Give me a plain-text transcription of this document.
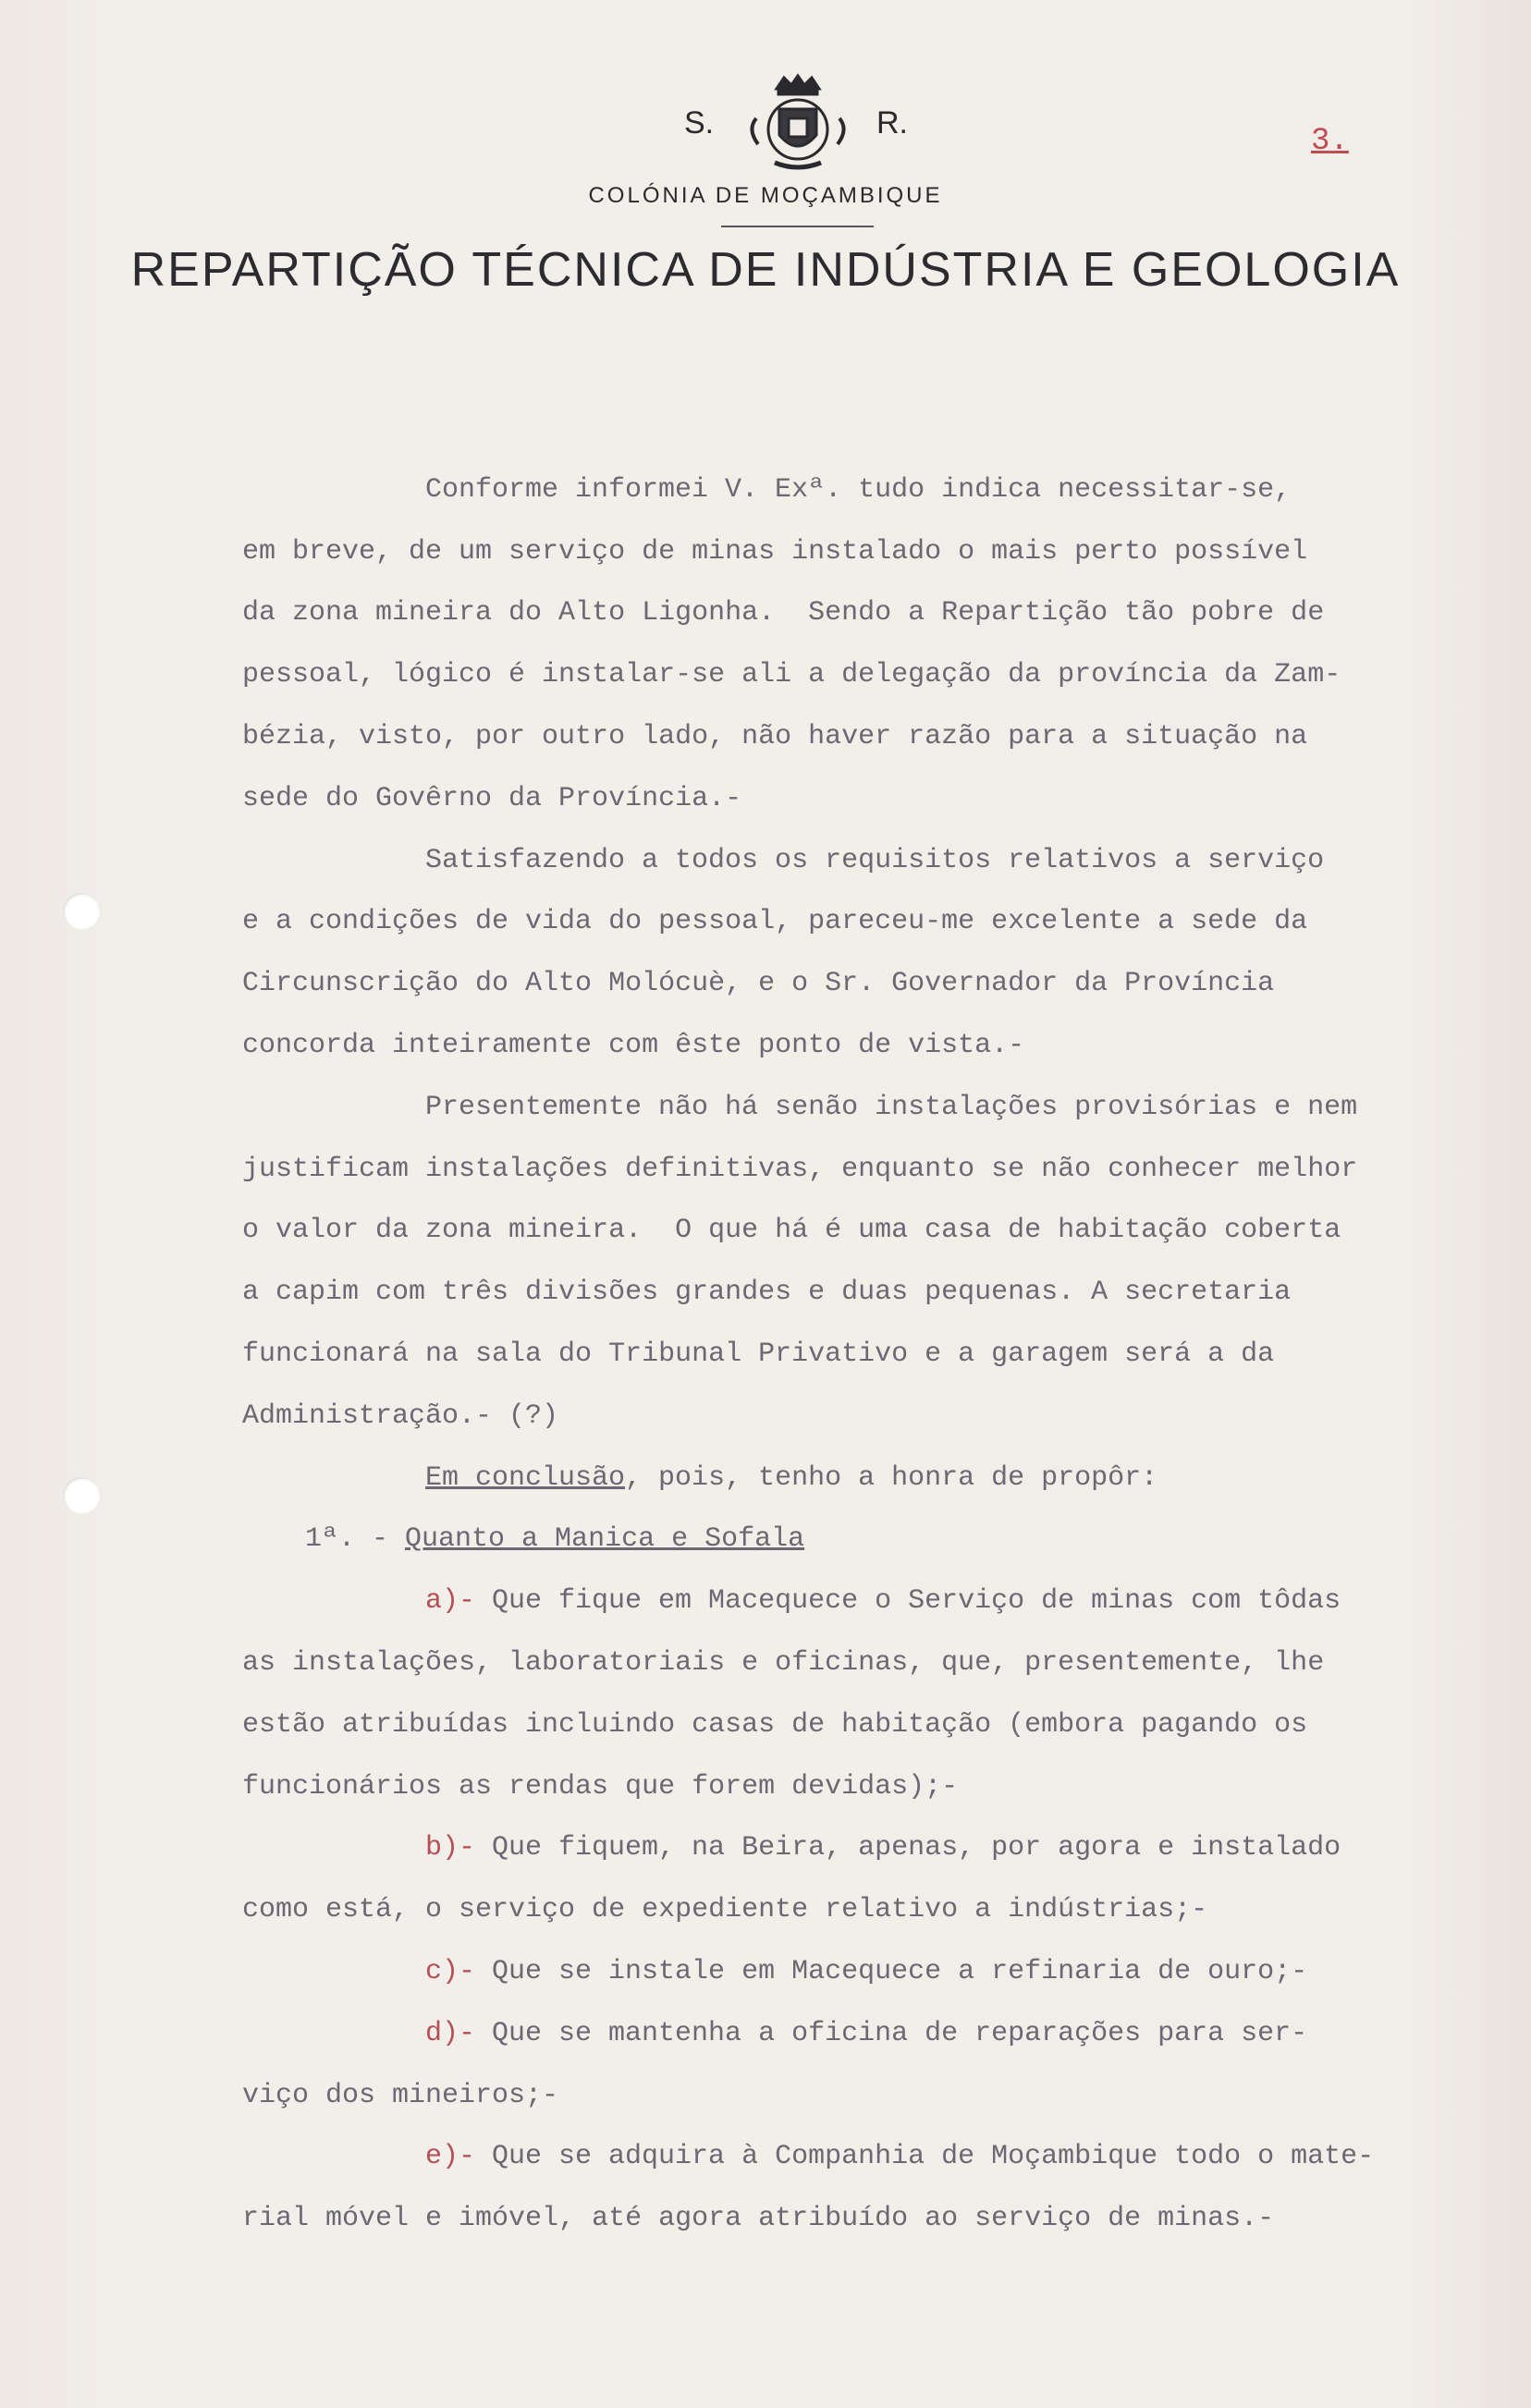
S.	R.
3.
COLÓNIA DE MOÇAMBIQUE
REPARTIÇÃO TÉCNICA DE INDÚSTRIA E GEOLOGIA

Conforme informei V. Exª. tudo indica necessitar-se,
em breve, de um serviço de minas instalado o mais perto possível
da zona mineira do Alto Ligonha.  Sendo a Repartição tão pobre de
pessoal, lógico é instalar-se ali a delegação da província da Zam-
bézia, visto, por outro lado, não haver razão para a situação na
sede do Govêrno da Província.-
Satisfazendo a todos os requisitos relativos a serviço
e a condições de vida do pessoal, pareceu-me excelente a sede da
Circunscrição do Alto Molócuè, e o Sr. Governador da Província
concorda inteiramente com êste ponto de vista.-
Presentemente não há senão instalações provisórias e nem
justificam instalações definitivas, enquanto se não conhecer melhor
o valor da zona mineira.  O que há é uma casa de habitação coberta
a capim com três divisões grandes e duas pequenas. A secretaria
funcionará na sala do Tribunal Privativo e a garagem será a da
Administração.- (?)
Em conclusão, pois, tenho a honra de propôr:
1ª. - Quanto a Manica e Sofala
a)- Que fique em Macequece o Serviço de minas com tôdas
as instalações, laboratoriais e oficinas, que, presentemente, lhe
estão atribuídas incluindo casas de habitação (embora pagando os
funcionários as rendas que forem devidas);-
b)- Que fiquem, na Beira, apenas, por agora e instalado
como está, o serviço de expediente relativo a indústrias;-
c)- Que se instale em Macequece a refinaria de ouro;-
d)- Que se mantenha a oficina de reparações para ser-
viço dos mineiros;-
e)- Que se adquira à Companhia de Moçambique todo o mate-
rial móvel e imóvel, até agora atribuído ao serviço de minas.-
